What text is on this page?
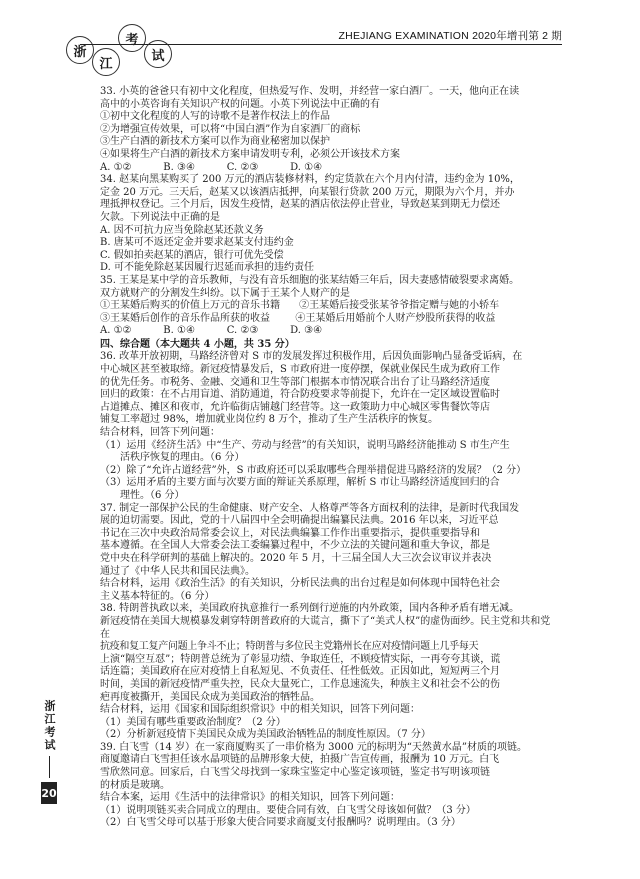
浙
江
考
试
ZHEJIANG EXAMINATION 2020年增刊第 2 期

33. 小英的爸爸只有初中文化程度，但热爱写作、发明，并经营一家白酒厂。一天，他向正在读

高中的小英咨询有关知识产权的问题。小英下列说法中正确的有

①初中文化程度的人写的诗歌不是著作权法上的作品

②为增强宣传效果，可以将“中国白酒”作为自家酒厂的商标

③生产白酒的新技术方案可以作为商业秘密加以保护

④如果将生产白酒的新技术方案申请发明专利，必须公开该技术方案

A. ①②          B. ③④          C. ②③          D. ①④

34. 赵某向黑某购买了 200 万元的酒店装修材料，约定货款在六个月内付清，违约金为 10%，

定金 20 万元。三天后，赵某又以该酒店抵押，向某银行贷款 200 万元，期限为六个月，并办

理抵押权登记。三个月后，因发生疫情，赵某的酒店依法停止营业，导致赵某到期无力偿还

欠款。下列说法中正确的是

A. 因不可抗力应当免除赵某还款义务

B. 唐某可不返还定金并要求赵某支付违约金

C. 假如拍卖赵某的酒店，银行可优先受偿

D. 可不能免除赵某因履行迟延而承担的违约责任

35. 王某是某中学的音乐教师，与没有音乐细胞的张某结婚三年后，因夫妻感情破裂要求离婚。

双方就财产的分割发生纠纷。以下属于王某个人财产的是

①王某婚后购买的价值上万元的音乐书籍      ②王某婚后接受张某爷爷指定赠与她的小轿车

③王某婚后创作的音乐作品所获的收益        ④王某婚后用婚前个人财产炒股所获得的收益

A. ①②          B. ①④          C. ②③          D. ③④

四、综合题（本大题共 4 小题，共 35 分）

36. 改革开放初期，马路经济曾对 S 市的发展发挥过积极作用，后因负面影响凸显备受诟病，在

中心城区甚至被取缔。新冠疫情暴发后，S 市政府进一度停摆，保就业保民生成为政府工作

的优先任务。市税务、金融、交通和卫生等部门根据本市情况联合出台了让马路经济适度

回归的政策：在不占用盲道、消防通道，符合防疫要求等前提下，允许在一定区域设置临时

占道摊点、摊区和夜市，允许临街店铺越门经营等。这一政策助力中心城区零售餐饮等店

铺复工率超过 98%，增加就业岗位约 8 万个，推动了生产生活秩序的恢复。

结合材料，回答下列问题：

（1）运用《经济生活》中“生产、劳动与经营”的有关知识，说明马路经济能推动 S 市生产生

活秩序恢复的理由。（6 分）

（2）除了“允许占道经营”外，S 市政府还可以采取哪些合理举措促进马路经济的发展？（2 分）

（3）运用矛盾的主要方面与次要方面的辩证关系原理，解析 S 市让马路经济适度回归的合

理性。（6 分）

37. 制定一部保护公民的生命健康、财产安全、人格尊严等各方面权利的法律，是新时代我国发

展的迫切需要。因此，党的十八届四中全会明确提出编纂民法典。2016 年以来，习近平总

书记在三次中央政治局常委会议上，对民法典编纂工作作出重要指示，提供重要指导和

基本遵循。在全国人大常委会法工委编纂过程中，不少立法的关键问题和重大争议，都是

党中央在科学研判的基础上解决的。2020 年 5 月，十三届全国人大三次会议审议并表决

通过了《中华人民共和国民法典》。

结合材料，运用《政治生活》的有关知识，分析民法典的出台过程是如何体现中国特色社会

主义基本特征的。（6 分）

38. 特朗普执政以来，美国政府执意推行一系列倒行逆施的内外政策，国内各种矛盾有增无减。

新冠疫情在美国大规模暴发刺穿特朗普政府的大谎言，撕下了“美式人权”的虚伪面纱。民主党和共和党在

抗疫和复工复产问题上争斗不止；特朗普与多位民主党籍州长在应对疫情问题上几乎每天

上演“隔空互怼”；特朗普总统为了彰显功绩、争取连任，不顾疫情实际，一再夸夸其谈，谎

话连篇；美国政府在应对疫情上自私短见、不负责任、任性低效。正因如此，短短两三个月

时间，美国的新冠疫情严重失控，民众大量死亡，工作息速流失，种族主义和社会不公的伤

疤再度被撕开，美国民众成为美国政治的牺牲品。

结合材料，运用《国家和国际组织常识》中的相关知识，回答下列问题：

（1）美国有哪些重要政治制度？（2 分）

（2）分析新冠疫情下美国民众成为美国政治牺牲品的制度性原因。（7 分）

39. 白飞雪（14 岁）在一家商厦购买了一串价格为 3000 元的标明为“天然黄水晶”材质的项链。

商厦邀请白飞雪担任该水晶项链的品牌形象大使，拍摄广告宣传画，报酬为 10 万元。白飞

雪欣然同意。回家后，白飞雪父母找到一家珠宝鉴定中心鉴定该项链，鉴定书写明该项链

的材质是玻璃。

结合本案，运用《生活中的法律常识》的相关知识，回答下列问题：

（1）说明项链买卖合同成立的理由。要使合同有效，白飞雪父母该如何做？（3 分）

（2）白飞雪父母可以基于形象大使合同要求商厦支付报酬吗？说明理由。（3 分）

浙江考试
20
